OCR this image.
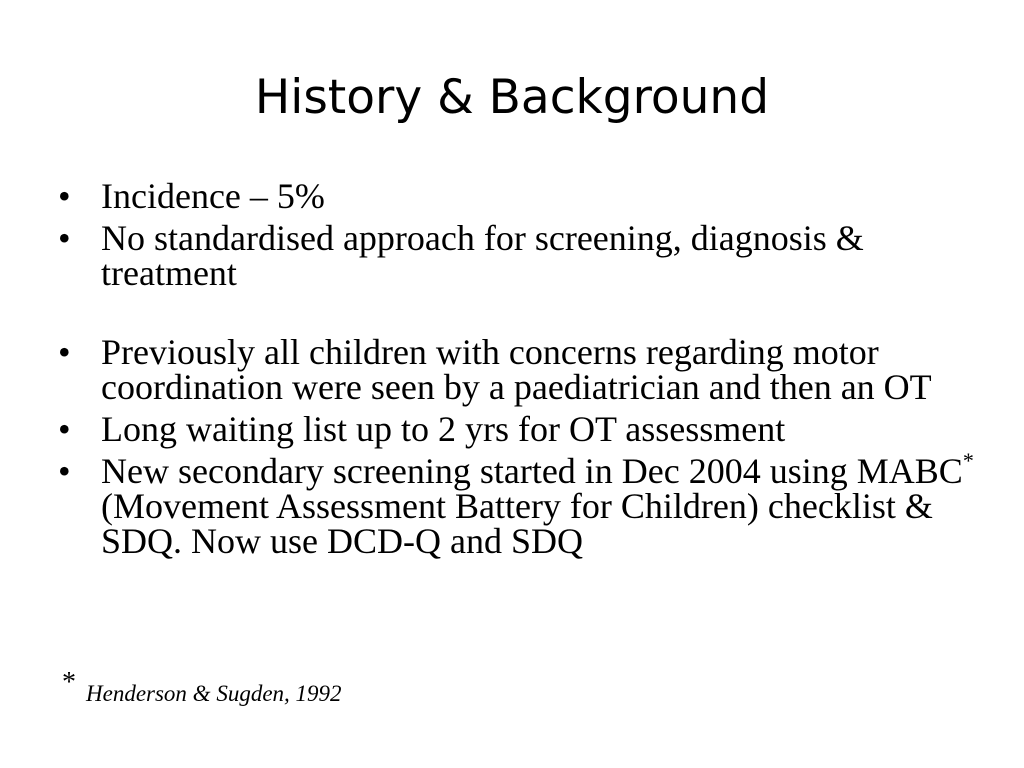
History & Background
• Incidence – 5%
• No standardised approach for screening, diagnosis & treatment
• Previously all children with concerns regarding motor coordination were seen by a paediatrician and then an OT
• Long waiting list up to 2 yrs for OT assessment
• New secondary screening started in Dec 2004 using MABC* (Movement Assessment Battery for Children) checklist & SDQ. Now use DCD-Q and SDQ
* Henderson & Sugden, 1992
